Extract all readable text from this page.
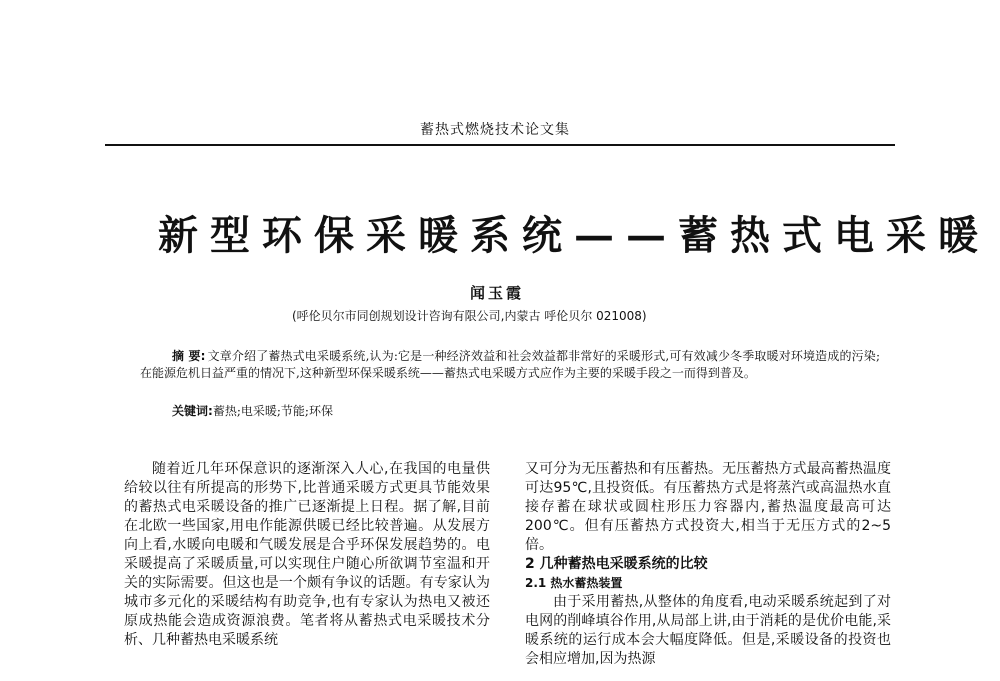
蓄热式燃烧技术论文集
新型环保采暖系统——蓄热式电采暖
闻玉霞
(呼伦贝尔市同创规划设计咨询有限公司,内蒙古 呼伦贝尔 021008)
摘 要: 文章介绍了蓄热式电采暖系统,认为:它是一种经济效益和社会效益都非常好的采暖形式,可有效减少冬季取暖对环境造成的污染;在能源危机日益严重的情况下,这种新型环保采暖系统——蓄热式电采暖方式应作为主要的采暖手段之一而得到普及。
关键词:蓄热;电采暖;节能;环保

随着近几年环保意识的逐渐深入人心,在我国的电量供给较以往有所提高的形势下,比普通采暖方式更具节能效果的蓄热式电采暖设备的推广已逐渐提上日程。据了解,目前在北欧一些国家,用电作能源供暖已经比较普遍。从发展方向上看,水暖向电暖和气暖发展是合乎环保发展趋势的。电采暖提高了采暖质量,可以实现住户随心所欲调节室温和开关的实际需要。但这也是一个颇有争议的话题。有专家认为城市多元化的采暖结构有助竞争,也有专家认为热电又被还原成热能会造成资源浪费。笔者将从蓄热式电采暖技术分析、几种蓄热电采暖系统

又可分为无压蓄热和有压蓄热。无压蓄热方式最高蓄热温度可达95℃,且投资低。有压蓄热方式是将蒸汽或高温热水直接存蓄在球状或圆柱形压力容器内,蓄热温度最高可达200℃。但有压蓄热方式投资大,相当于无压方式的2~5倍。

2 几种蓄热电采暖系统的比较

2.1 热水蓄热装置

由于采用蓄热,从整体的角度看,电动采暖系统起到了对电网的削峰填谷作用,从局部上讲,由于消耗的是优价电能,采暖系统的运行成本会大幅度降低。但是,采暖设备的投资也会相应增加,因为热源
